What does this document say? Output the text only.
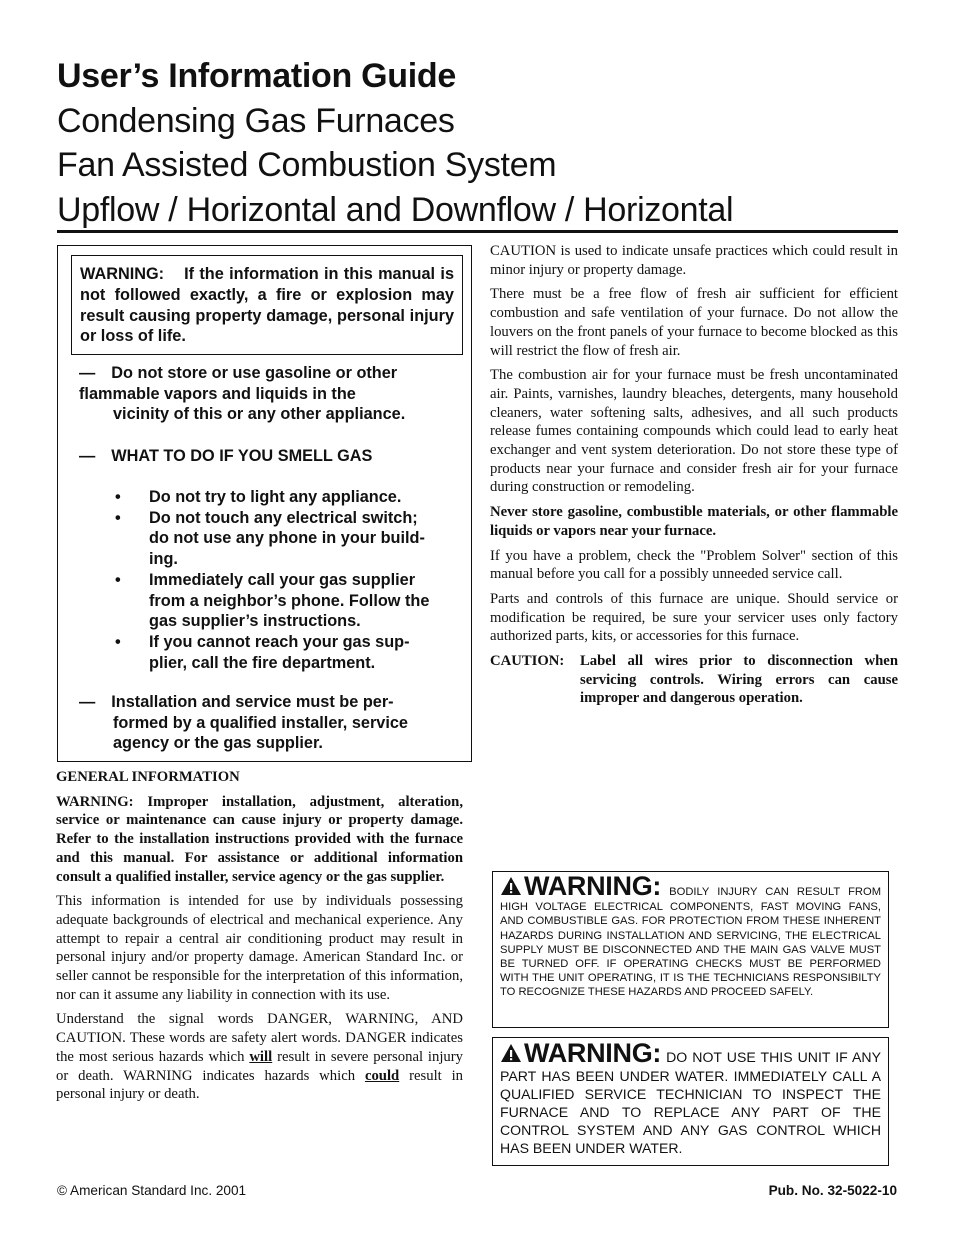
User’s Information Guide
Condensing Gas Furnaces
Fan Assisted Combustion System
Upflow / Horizontal and Downflow / Horizontal
WARNING: If the information in this manual is not followed exactly, a fire or explosion may result causing property damage, personal injury or loss of life.
— Do not store or use gasoline or other
flammable vapors and liquids in the
vicinity of this or any other appliance.
— WHAT TO DO IF YOU SMELL GAS
• Do not try to light any appliance.
• Do not touch any electrical switch;
do not use any phone in your build-
ing.
• Immediately call your gas supplier
from a neighbor’s phone. Follow the
gas supplier’s instructions.
• If you cannot reach your gas sup-
plier, call the fire department.
— Installation and service must be per-
formed by a qualified installer, service
agency or the gas supplier.
GENERAL INFORMATION

WARNING: Improper installation, adjustment, alteration, service or maintenance can cause injury or property damage. Refer to the installation instructions provided with the furnace and this manual. For assistance or additional information consult a qualified installer, service agency or the gas supplier.

This information is intended for use by individuals possessing adequate backgrounds of electrical and mechanical experience. Any attempt to repair a central air conditioning product may result in personal injury and/or property damage. American Standard Inc. or seller cannot be responsible for the interpretation of this information, nor can it assume any liability in connection with its use.

Understand the signal words DANGER, WARNING, AND CAUTION. These words are safety alert words. DANGER indicates the most serious hazards which will result in severe personal injury or death. WARNING indicates hazards which could result in personal injury or death.

CAUTION is used to indicate unsafe practices which could result in minor injury or property damage.

There must be a free flow of fresh air sufficient for efficient combustion and safe ventilation of your furnace. Do not allow the louvers on the front panels of your furnace to become blocked as this will restrict the flow of fresh air.

The combustion air for your furnace must be fresh uncontaminated air. Paints, varnishes, laundry bleaches, detergents, many household cleaners, water softening salts, adhesives, and all such products release fumes containing compounds which could lead to early heat exchanger and vent system deterioration. Do not store these type of products near your furnace and consider fresh air for your furnace during construction or remodeling.

Never store gasoline, combustible materials, or other flammable liquids or vapors near your furnace.

If you have a problem, check the "Problem Solver" section of this manual before you call for a possibly unneeded service call.

Parts and controls of this furnace are unique. Should service or modification be required, be sure your servicer uses only factory authorized parts, kits, or accessories for this furnace.

CAUTION: Label all wires prior to disconnection when servicing controls. Wiring errors can cause improper and dangerous operation.

WARNING: BODILY INJURY CAN RESULT FROM HIGH VOLTAGE ELECTRICAL COMPONENTS, FAST MOVING FANS, AND COMBUSTIBLE GAS. FOR PROTECTION FROM THESE INHERENT HAZARDS DURING INSTALLATION AND SERVICING, THE ELECTRICAL SUPPLY MUST BE DISCONNECTED AND THE MAIN GAS VALVE MUST BE TURNED OFF. IF OPERATING CHECKS MUST BE PERFORMED WITH THE UNIT OPERATING, IT IS THE TECHNICIANS RESPONSIBILTY TO RECOGNIZE THESE HAZARDS AND PROCEED SAFELY.
WARNING: DO NOT USE THIS UNIT IF ANY PART HAS BEEN UNDER WATER. IMMEDIATELY CALL A QUALIFIED SERVICE TECHNICIAN TO INSPECT THE FURNACE AND TO REPLACE ANY PART OF THE CONTROL SYSTEM AND ANY GAS CONTROL WHICH HAS BEEN UNDER WATER.
© American Standard Inc. 2001	Pub. No. 32-5022-10
